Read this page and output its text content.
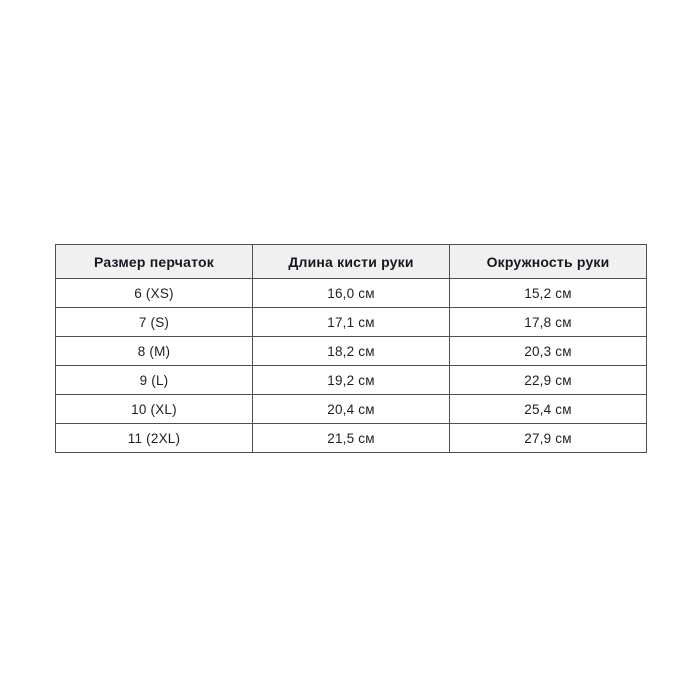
Размер перчаток	Длина кисти руки	Окружность руки
6 (XS)	16,0 см	15,2 см
7 (S)	17,1 см	17,8 см
8 (M)	18,2 см	20,3 см
9 (L)	19,2 см	22,9 см
10 (XL)	20,4 см	25,4 см
11 (2XL)	21,5 см	27,9 см
